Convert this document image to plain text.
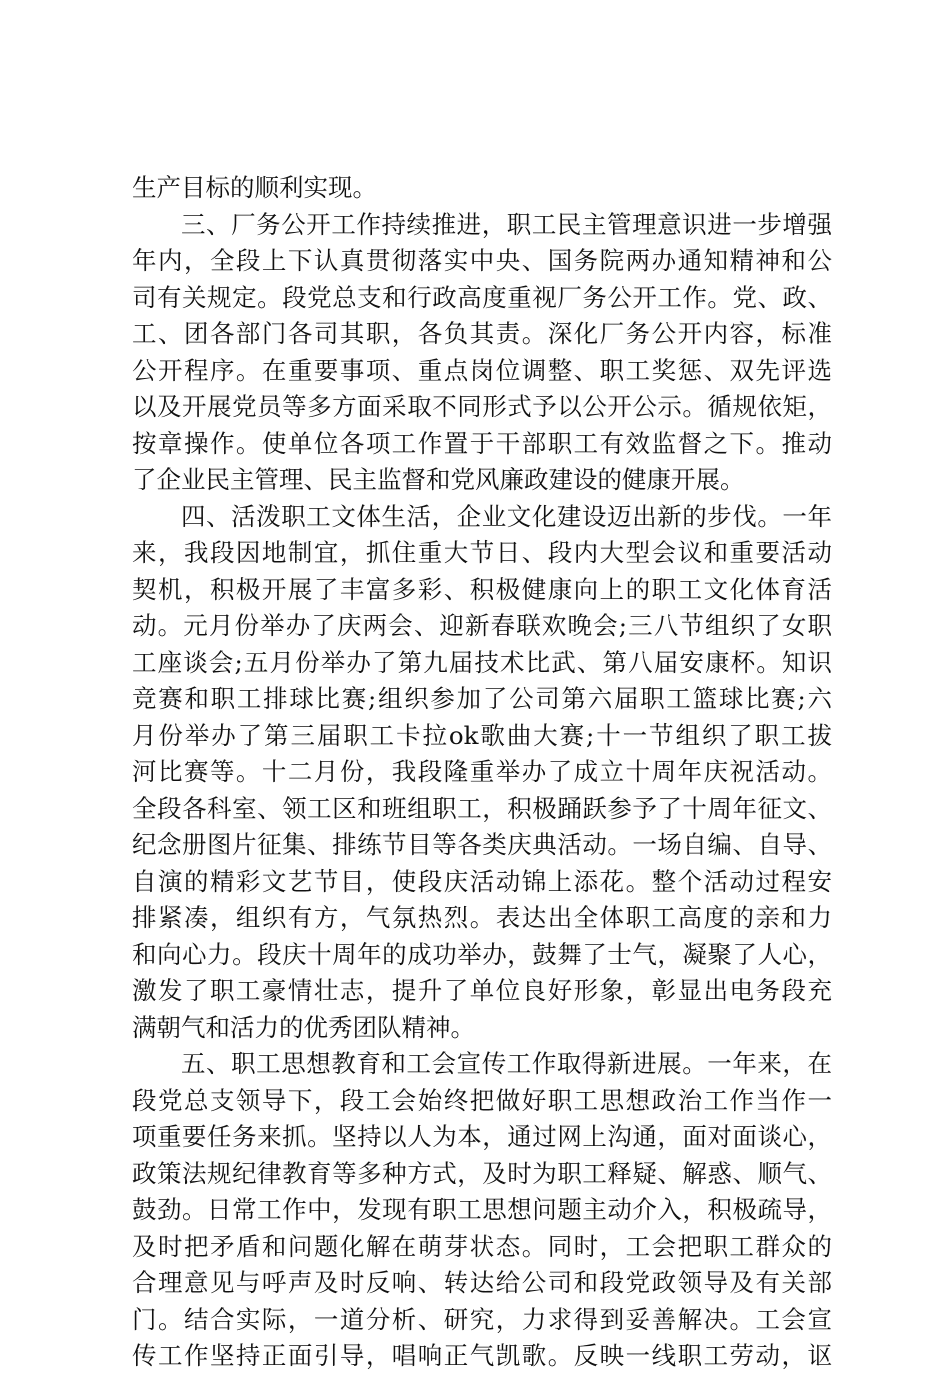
生产目标的顺利实现。
三、厂务公开工作持续推进，职工民主管理意识进一步增强
年内，全段上下认真贯彻落实中央、国务院两办通知精神和公
司有关规定。段党总支和行政高度重视厂务公开工作。党、政、
工、团各部门各司其职，各负其责。深化厂务公开内容，标准
公开程序。在重要事项、重点岗位调整、职工奖惩、双先评选
以及开展党员等多方面采取不同形式予以公开公示。循规依矩，
按章操作。使单位各项工作置于干部职工有效监督之下。推动
了企业民主管理、民主监督和党风廉政建设的健康开展。
四、活泼职工文体生活，企业文化建设迈出新的步伐。一年
来，我段因地制宜，抓住重大节日、段内大型会议和重要活动
契机，积极开展了丰富多彩、积极健康向上的职工文化体育活
动。元月份举办了庆两会、迎新春联欢晚会;三八节组织了女职
工座谈会;五月份举办了第九届技术比武、第八届安康杯。知识
竞赛和职工排球比赛;组织参加了公司第六届职工篮球比赛;六
月份举办了第三届职工卡拉ok歌曲大赛;十一节组织了职工拔
河比赛等。十二月份，我段隆重举办了成立十周年庆祝活动。
全段各科室、领工区和班组职工，积极踊跃参予了十周年征文、
纪念册图片征集、排练节目等各类庆典活动。一场自编、自导、
自演的精彩文艺节目，使段庆活动锦上添花。整个活动过程安
排紧凑，组织有方，气氛热烈。表达出全体职工高度的亲和力
和向心力。段庆十周年的成功举办，鼓舞了士气，凝聚了人心，
激发了职工豪情壮志，提升了单位良好形象，彰显出电务段充
满朝气和活力的优秀团队精神。
五、职工思想教育和工会宣传工作取得新进展。一年来，在
段党总支领导下，段工会始终把做好职工思想政治工作当作一
项重要任务来抓。坚持以人为本，通过网上沟通，面对面谈心，
政策法规纪律教育等多种方式，及时为职工释疑、解惑、顺气、
鼓劲。日常工作中，发现有职工思想问题主动介入，积极疏导，
及时把矛盾和问题化解在萌芽状态。同时，工会把职工群众的
合理意见与呼声及时反响、转达给公司和段党政领导及有关部
门。结合实际，一道分析、研究，力求得到妥善解决。工会宣
传工作坚持正面引导，唱响正气凯歌。反映一线职工劳动，讴
